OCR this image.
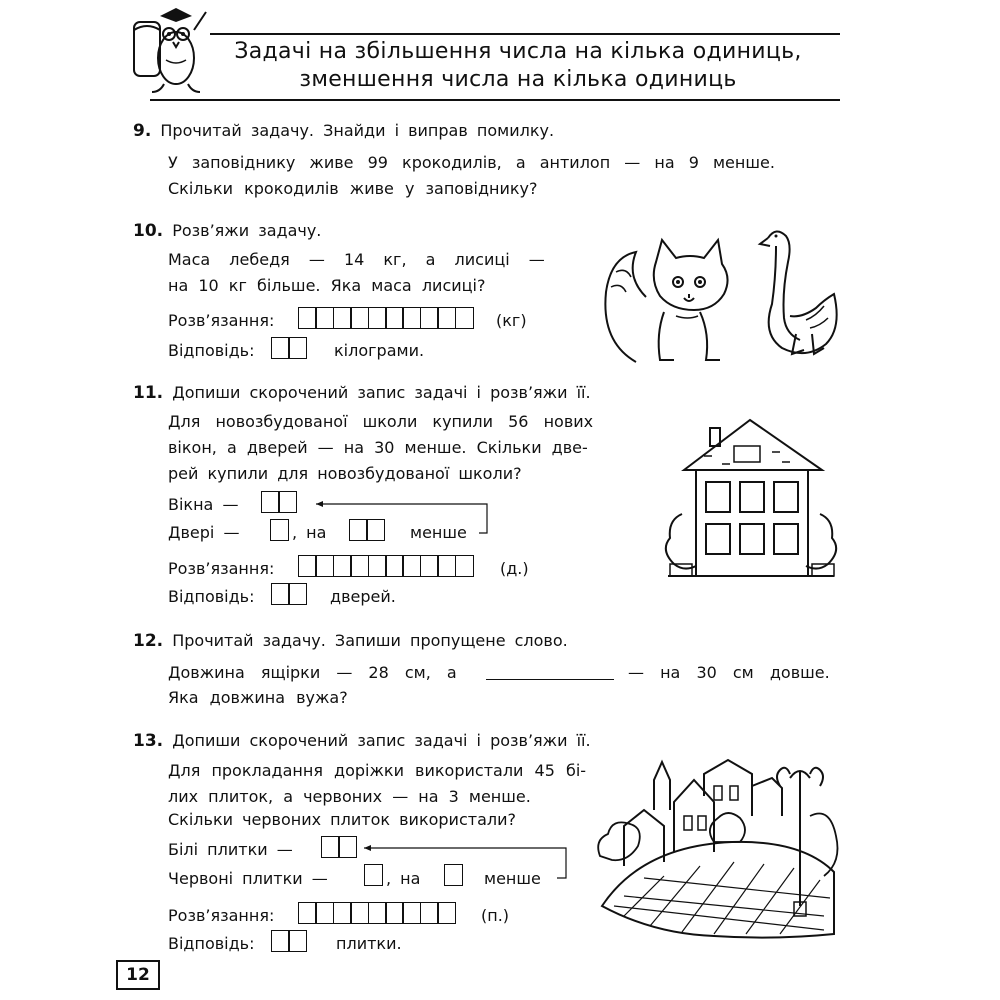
Задачі на збільшення числа на кілька одиниць,
зменшення числа на кілька одиниць
9. Прочитай задачу. Знайди і виправ помилку.
У заповіднику живе 99 крокодилів, а антилоп — на 9 менше.
Скільки крокодилів живе у заповіднику?
10. Розв’яжи задачу.
Маса лебедя — 14 кг, а лисиці —
на 10 кг більше. Яка маса лисиці?
Розв’язання:	(кг)
Відповідь:	кілограми.
11. Допиши скорочений запис задачі і розв’яжи її.
Для новозбудованої школи купили 56 нових
вікон, а дверей — на 30 менше. Скільки две-
рей купили для новозбудованої школи?
Вікна —
Двері —	, на	менше
Розв’язання:	(д.)
Відповідь:	дверей.
12. Прочитай задачу. Запиши пропущене слово.
Довжина ящірки — 28 см, а	— на 30 см довше.
Яка довжина вужа?
13. Допиши скорочений запис задачі і розв’яжи її.
Для прокладання доріжки використали 45 бі-
лих плиток, а червоних — на 3 менше.
Скільки червоних плиток використали?
Білі плитки —
Червоні плитки —	, на	менше
Розв’язання:	(п.)
Відповідь:	плитки.
12
